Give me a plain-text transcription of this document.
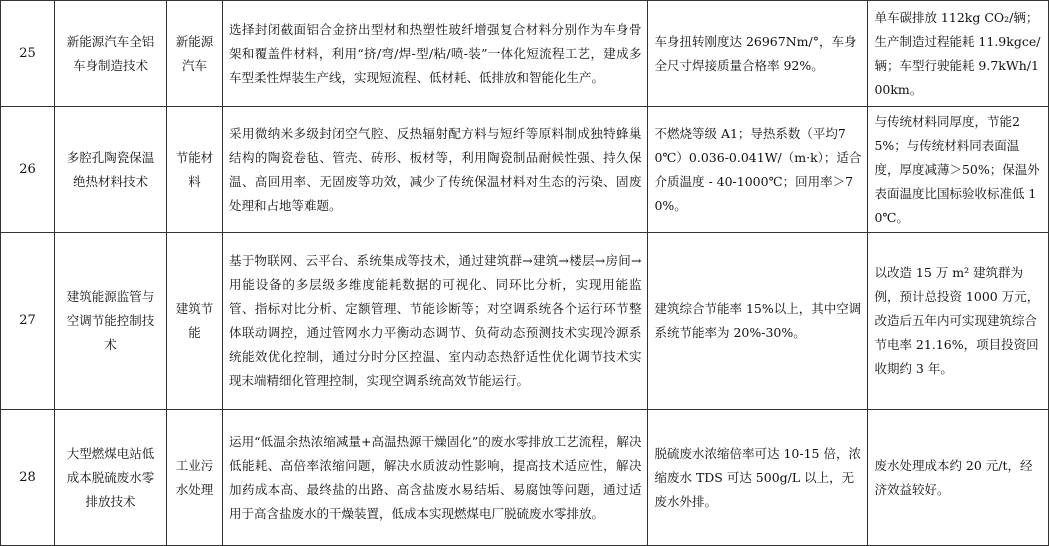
25	新能源汽车全铝车身制造技术	新能源汽车	选择封闭截面铝合金挤出型材和热塑性玻纤增强复合材料分别作为车身骨架和覆盖件材料，利用“挤/弯/焊-型/粘/喷-装”一体化短流程工艺，建成多车型柔性焊装生产线，实现短流程、低材耗、低排放和智能化生产。	车身扭转刚度达 26967Nm/°，车身全尺寸焊接质量合格率 92%。	单车碳排放 112kg CO₂/辆；生产制造过程能耗 11.9kgce/辆；车型行驶能耗 9.7kWh/100km。
26	多腔孔陶瓷保温绝热材料技术	节能材料	采用微纳米多级封闭空气腔、反热辐射配方料与短纤等原料制成独特蜂巢结构的陶瓷卷毡、管壳、砖形、板材等，利用陶瓷制品耐候性强、持久保温、高回用率、无固废等功效，减少了传统保温材料对生态的污染、固废处理和占地等难题。	不燃烧等级 A1；导热系数（平均70℃）0.036-0.041W/（m·k）；适合介质温度 - 40-1000℃；回用率＞70%。	与传统材料同厚度，节能25%；与传统材料同表面温度，厚度减薄＞50%；保温外表面温度比国标验收标准低 10℃。
27	建筑能源监管与空调节能控制技术	建筑节能	基于物联网、云平台、系统集成等技术，通过建筑群→建筑→楼层→房间→用能设备的多层级多维度能耗数据的可视化、同环比分析，实现用能监管、指标对比分析、定额管理、节能诊断等；对空调系统各个运行环节整体联动调控，通过管网水力平衡动态调节、负荷动态预测技术实现冷源系统能效优化控制，通过分时分区控温、室内动态热舒适性优化调节技术实现末端精细化管理控制，实现空调系统高效节能运行。	建筑综合节能率 15%以上，其中空调系统节能率为 20%-30%。	以改造 15 万 m² 建筑群为例，预计总投资 1000 万元，改造后五年内可实现建筑综合节电率 21.16%，项目投资回收期约 3 年。
28	大型燃煤电站低成本脱硫废水零排放技术	工业污水处理	运用“低温余热浓缩减量+高温热源干燥固化”的废水零排放工艺流程，解决低能耗、高倍率浓缩问题，解决水质波动性影响，提高技术适应性，解决加药成本高、最终盐的出路、高含盐废水易结垢、易腐蚀等问题，通过适用于高含盐废水的干燥装置，低成本实现燃煤电厂脱硫废水零排放。	脱硫废水浓缩倍率可达 10-15 倍，浓缩废水 TDS 可达 500g/L 以上，无废水外排。	废水处理成本约 20 元/t，经济效益较好。
